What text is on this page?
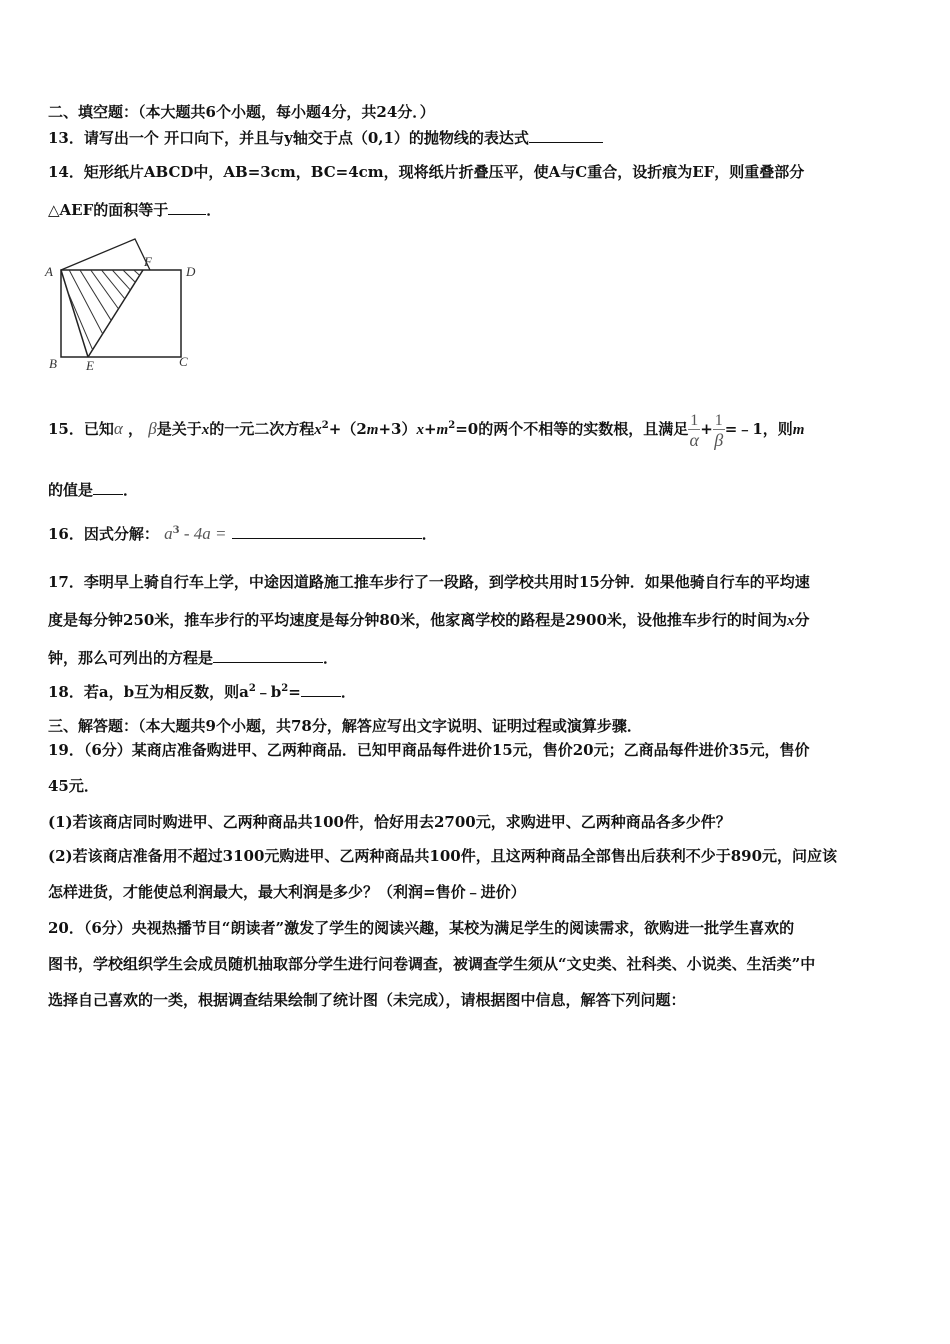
二、填空题：（本大题共6个小题，每小题4分，共24分．）
13．请写出一个 开口向下，并且与y轴交于点（0,1）的抛物线的表达式
14．矩形纸片ABCD中，AB=3cm，BC=4cm，现将纸片折叠压平，使A与C重合，设折痕为EF，则重叠部分
△AEF的面积等于	．
A
F
D
B E	C
15．已知α ， β是关于x的一元二次方程$x^2+(2m+3)x+m^2=0$的两个不相等的实数根，且满足 $\frac{1}{\alpha} + \frac{1}{\beta}$ =﹣1，则m
的值是 ．
16．因式分解： $a^3 - 4a$ =	．
17．李明早上骑自行车上学，中途因道路施工推车步行了一段路，到学校共用时15分钟．如果他骑自行车的平均速
度是每分钟250米，推车步行的平均速度是每分钟80米，他家离学校的路程是2900米，设他推车步行的时间为x分
钟，那么可列出的方程是	．
18．若a，b互为相反数，则$a^2﹣b^2=$	．
三、解答题：（本大题共9个小题，共78分，解答应写出文字说明、证明过程或演算步骤．
19．（6分）某商店准备购进甲、乙两种商品．已知甲商品每件进价15元，售价20元；乙商品每件进价35元，售价
45元．
(1)若该商店同时购进甲、乙两种商品共100件，恰好用去2700元，求购进甲、乙两种商品各多少件？
(2)若该商店准备用不超过3100元购进甲、乙两种商品共100件，且这两种商品全部售出后获利不少于890元，问应该
怎样进货，才能使总利润最大，最大利润是多少？（利润=售价﹣进价）
20．（6分）央视热播节目“朗读者”激发了学生的阅读兴趣，某校为满足学生的阅读需求，欲购进一批学生喜欢的
图书，学校组织学生会成员随机抽取部分学生进行问卷调查，被调查学生须从“文史类、社科类、小说类、生活类”中
选择自己喜欢的一类，根据调查结果绘制了统计图（未完成），请根据图中信息，解答下列问题：
